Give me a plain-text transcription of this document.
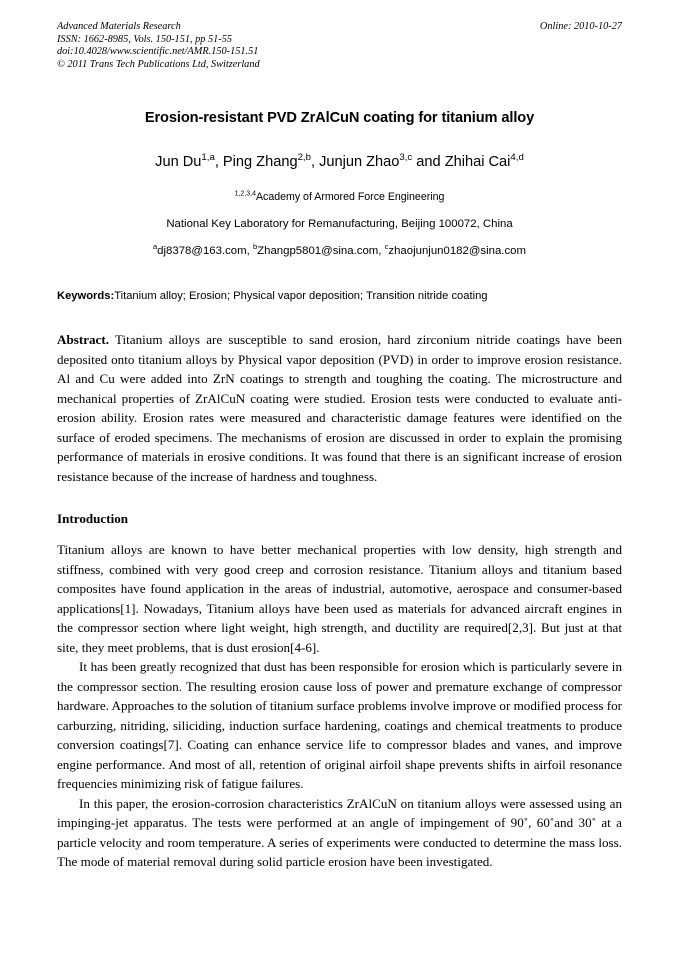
Advanced Materials Research
ISSN: 1662-8985, Vols. 150-151, pp 51-55
doi:10.4028/www.scientific.net/AMR.150-151.51
© 2011 Trans Tech Publications Ltd, Switzerland
Online: 2010-10-27
Erosion-resistant PVD ZrAlCuN coating for titanium alloy
Jun Du$^{1,a}$, Ping Zhang$^{2,b}$, Junjun Zhao$^{3,c}$ and Zhihai Cai$^{4,d}$
$^{1,2,3,4}$Academy of Armored Force Engineering
National Key Laboratory for Remanufacturing, Beijing 100072, China
$^a$dj8378@163.com, $^b$Zhangp5801@sina.com, $^c$zhaojunjun0182@sina.com
Keywords:Titanium alloy; Erosion; Physical vapor deposition; Transition nitride coating
Abstract. Titanium alloys are susceptible to sand erosion, hard zirconium nitride coatings have been deposited onto titanium alloys by Physical vapor deposition (PVD) in order to improve erosion resistance. Al and Cu were added into ZrN coatings to strength and toughing the coating. The microstructure and mechanical properties of ZrAlCuN coating were studied. Erosion tests were conducted to evaluate anti-erosion ability. Erosion rates were measured and characteristic damage features were identified on the surface of eroded specimens. The mechanisms of erosion are discussed in order to explain the promising performance of materials in erosive conditions. It was found that there is an significant increase of erosion resistance because of the increase of hardness and toughness.
Introduction
Titanium alloys are known to have better mechanical properties with low density, high strength and stiffness, combined with very good creep and corrosion resistance. Titanium alloys and titanium based composites have found application in the areas of industrial, automotive, aerospace and consumer-based applications[1]. Nowadays, Titanium alloys have been used as materials for advanced aircraft engines in the compressor section where light weight, high strength, and ductility are required[2,3]. But just at that site, they meet problems, that is dust erosion[4-6].
It has been greatly recognized that dust has been responsible for erosion which is particularly severe in the compressor section. The resulting erosion cause loss of power and premature exchange of compressor hardware. Approaches to the solution of titanium surface problems involve improve or modified process for carburzing, nitriding, siliciding, induction surface hardening, coatings and chemical treatments to produce conversion coatings[7]. Coating can enhance service life to compressor blades and vanes, and improve engine performance. And most of all, retention of original airfoil shape prevents shifts in airfoil resonance frequencies minimizing risk of fatigue failures.
In this paper, the erosion-corrosion characteristics ZrAlCuN on titanium alloys were assessed using an impinging-jet apparatus. The tests were performed at an angle of impingement of 90˚, 60˚and 30˚ at a particle velocity and room temperature. A series of experiments were conducted to determine the mass loss. The mode of material removal during solid particle erosion have been investigated.
